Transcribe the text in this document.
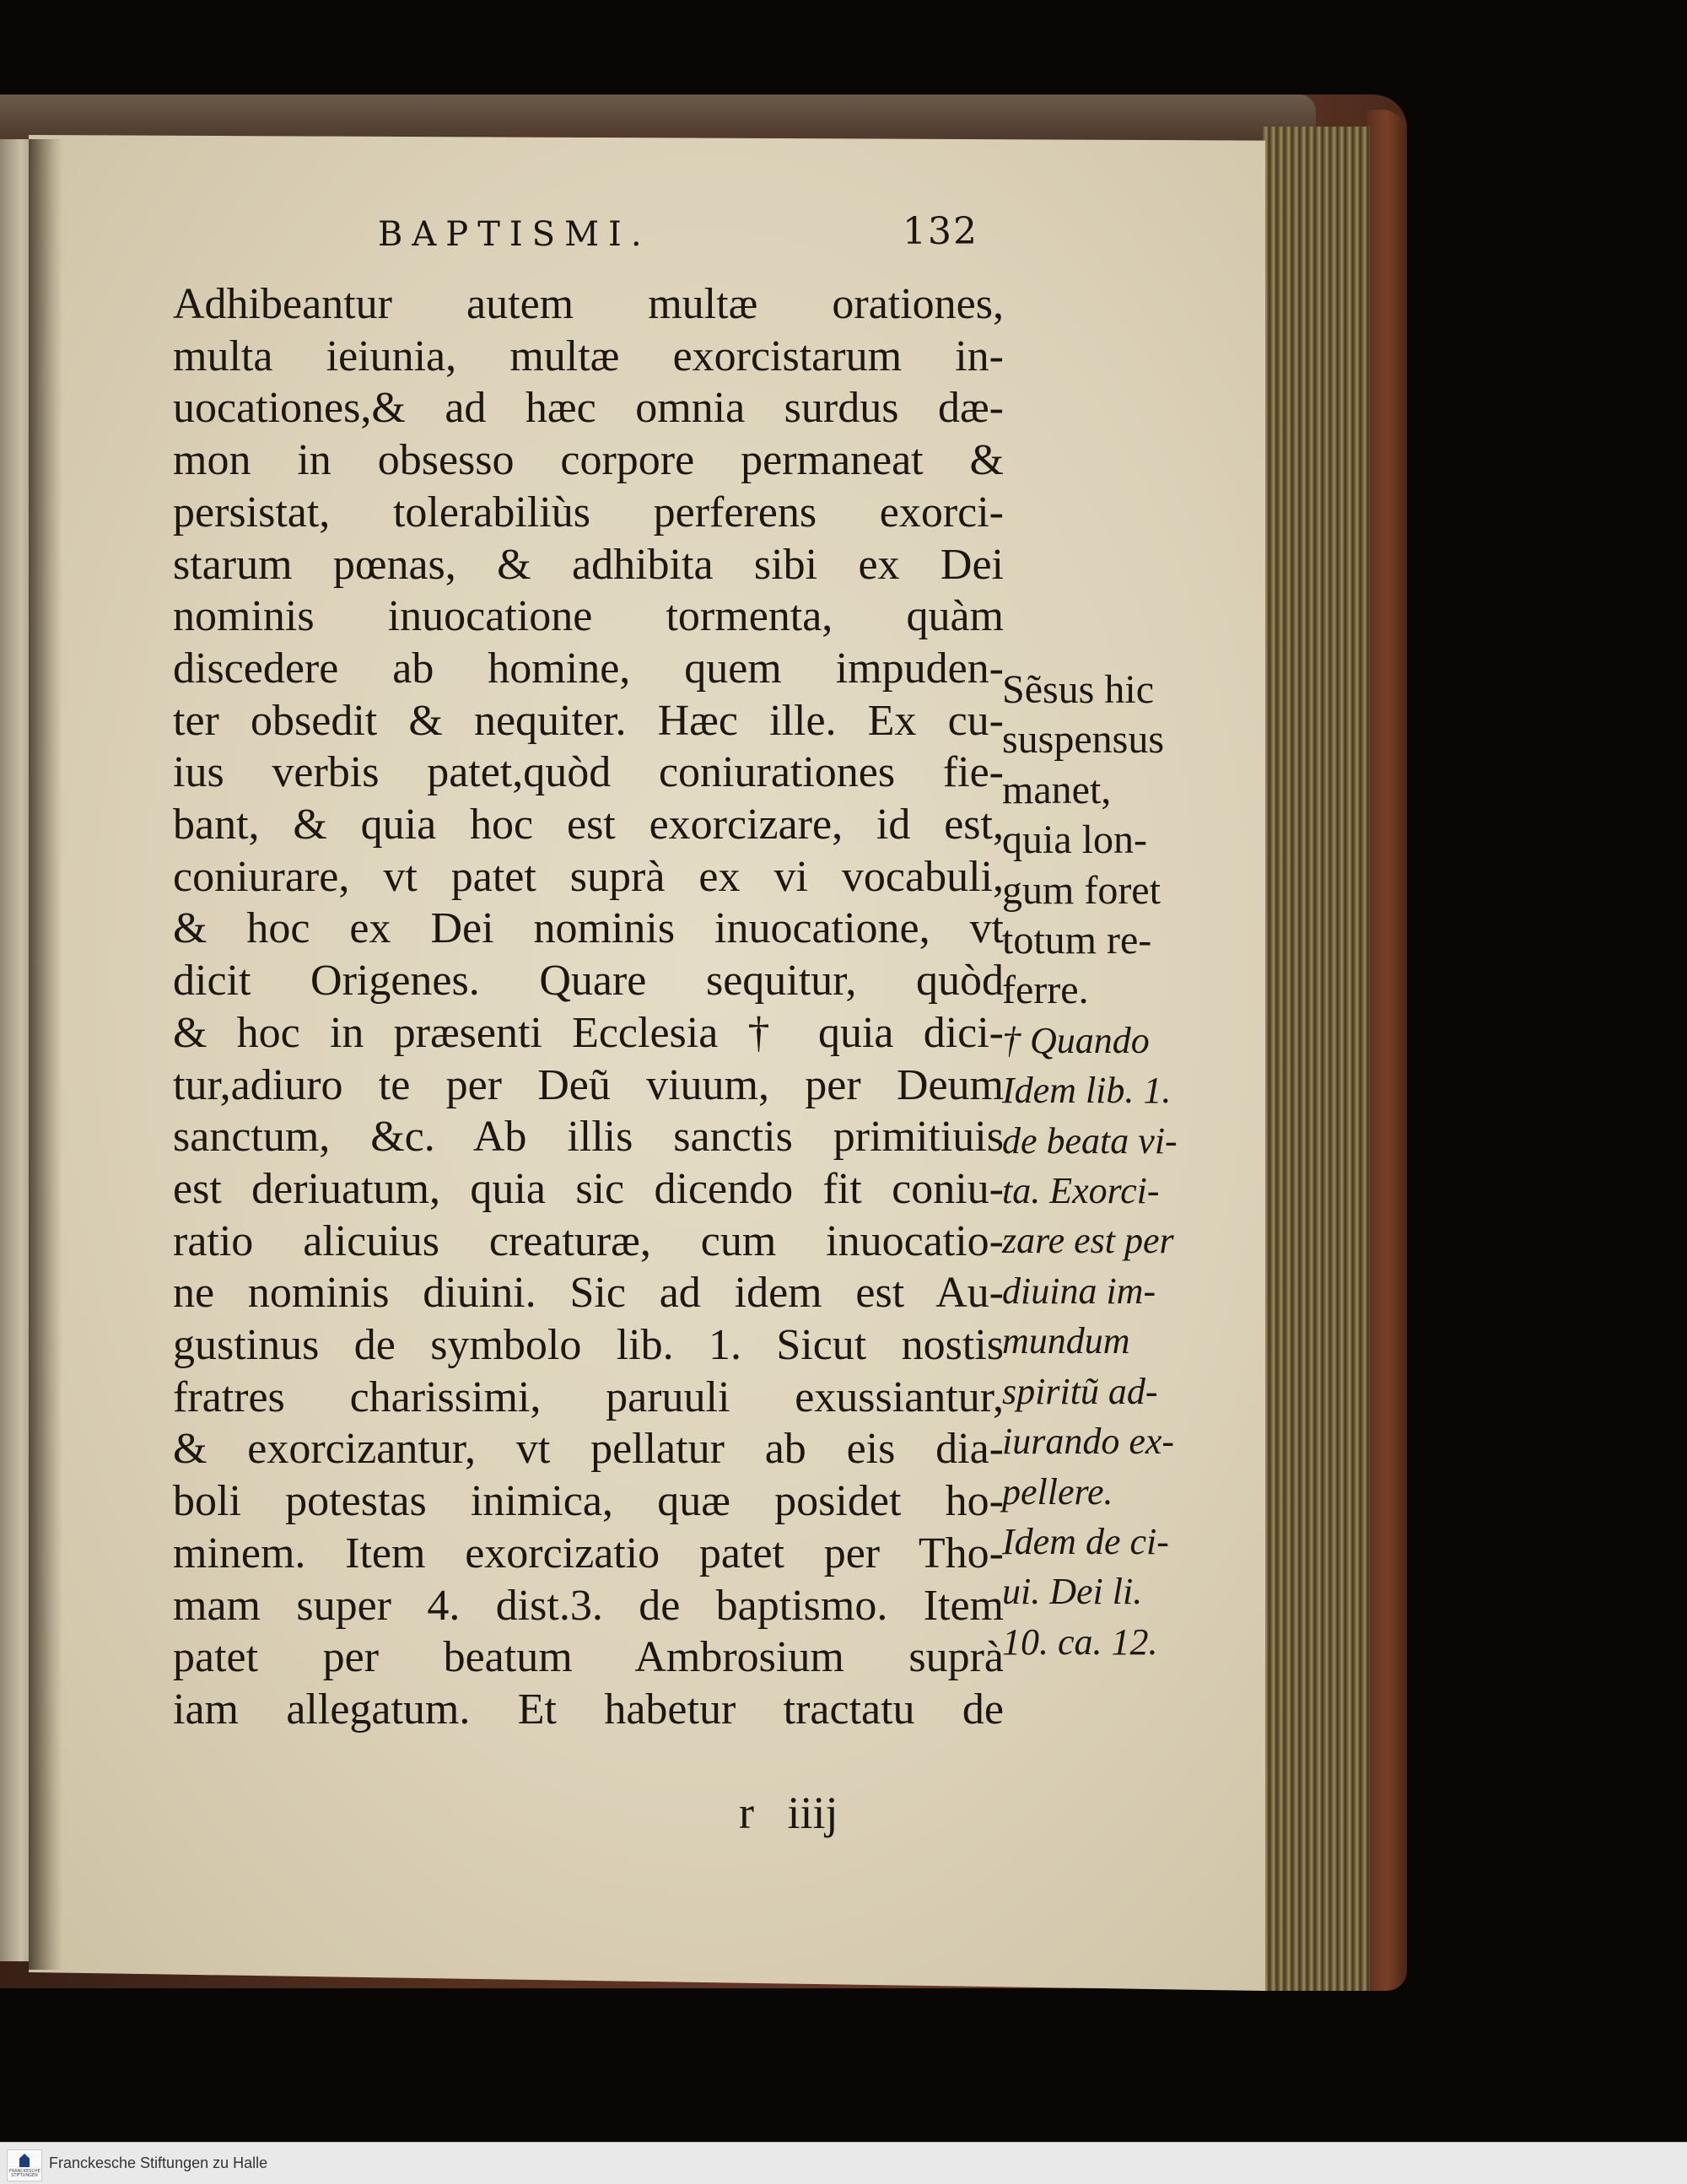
BAPTISMI.	132
Adhibeantur autem multæ orationes,
multa ieiunia, multæ exorcistarum in-
uocationes,& ad hæc omnia surdus dæ-
mon in obsesso corpore permaneat &
persistat, tolerabiliùs perferens exorci-
starum pœnas, & adhibita sibi ex Dei
nominis inuocatione tormenta, quàm
discedere ab homine, quem impuden-
ter obsedit & nequiter. Hæc ille. Ex cu-
ius verbis patet,quòd coniurationes fie-
bant, & quia hoc est exorcizare, id est,
coniurare, vt patet suprà ex vi vocabuli,
& hoc ex Dei nominis inuocatione, vt
dicit Origenes. Quare sequitur, quòd
& hoc in præsenti Ecclesia † quia dici-
tur,adiuro te per Deũ viuum, per Deum
sanctum, &c. Ab illis sanctis primitiuis
est deriuatum, quia sic dicendo fit coniu-
ratio alicuius creaturæ, cum inuocatio-
ne nominis diuini. Sic ad idem est Au-
gustinus de symbolo lib. 1. Sicut nostis
fratres charissimi, paruuli exussiantur,
& exorcizantur, vt pellatur ab eis dia-
boli potestas inimica, quæ posidet ho-
minem. Item exorcizatio patet per Tho-
mam super 4. dist.3. de baptismo. Item
patet per beatum Ambrosium suprà
iam allegatum. Et habetur tractatu de
Sẽsus hic
suspensus
manet,
quia lon-
gum foret
totum re-
ferre.
† Quando
Idem lib. 1.
de beata vi-
ta. Exorci-
zare est per
diuina im-
mundum
spiritũ ad-
iurando ex-
pellere.
Idem de ci-
ui. Dei li.
10. ca. 12.
r iiij
FRANCKESCHE STIFTUNGEN
Franckesche Stiftungen zu Halle
